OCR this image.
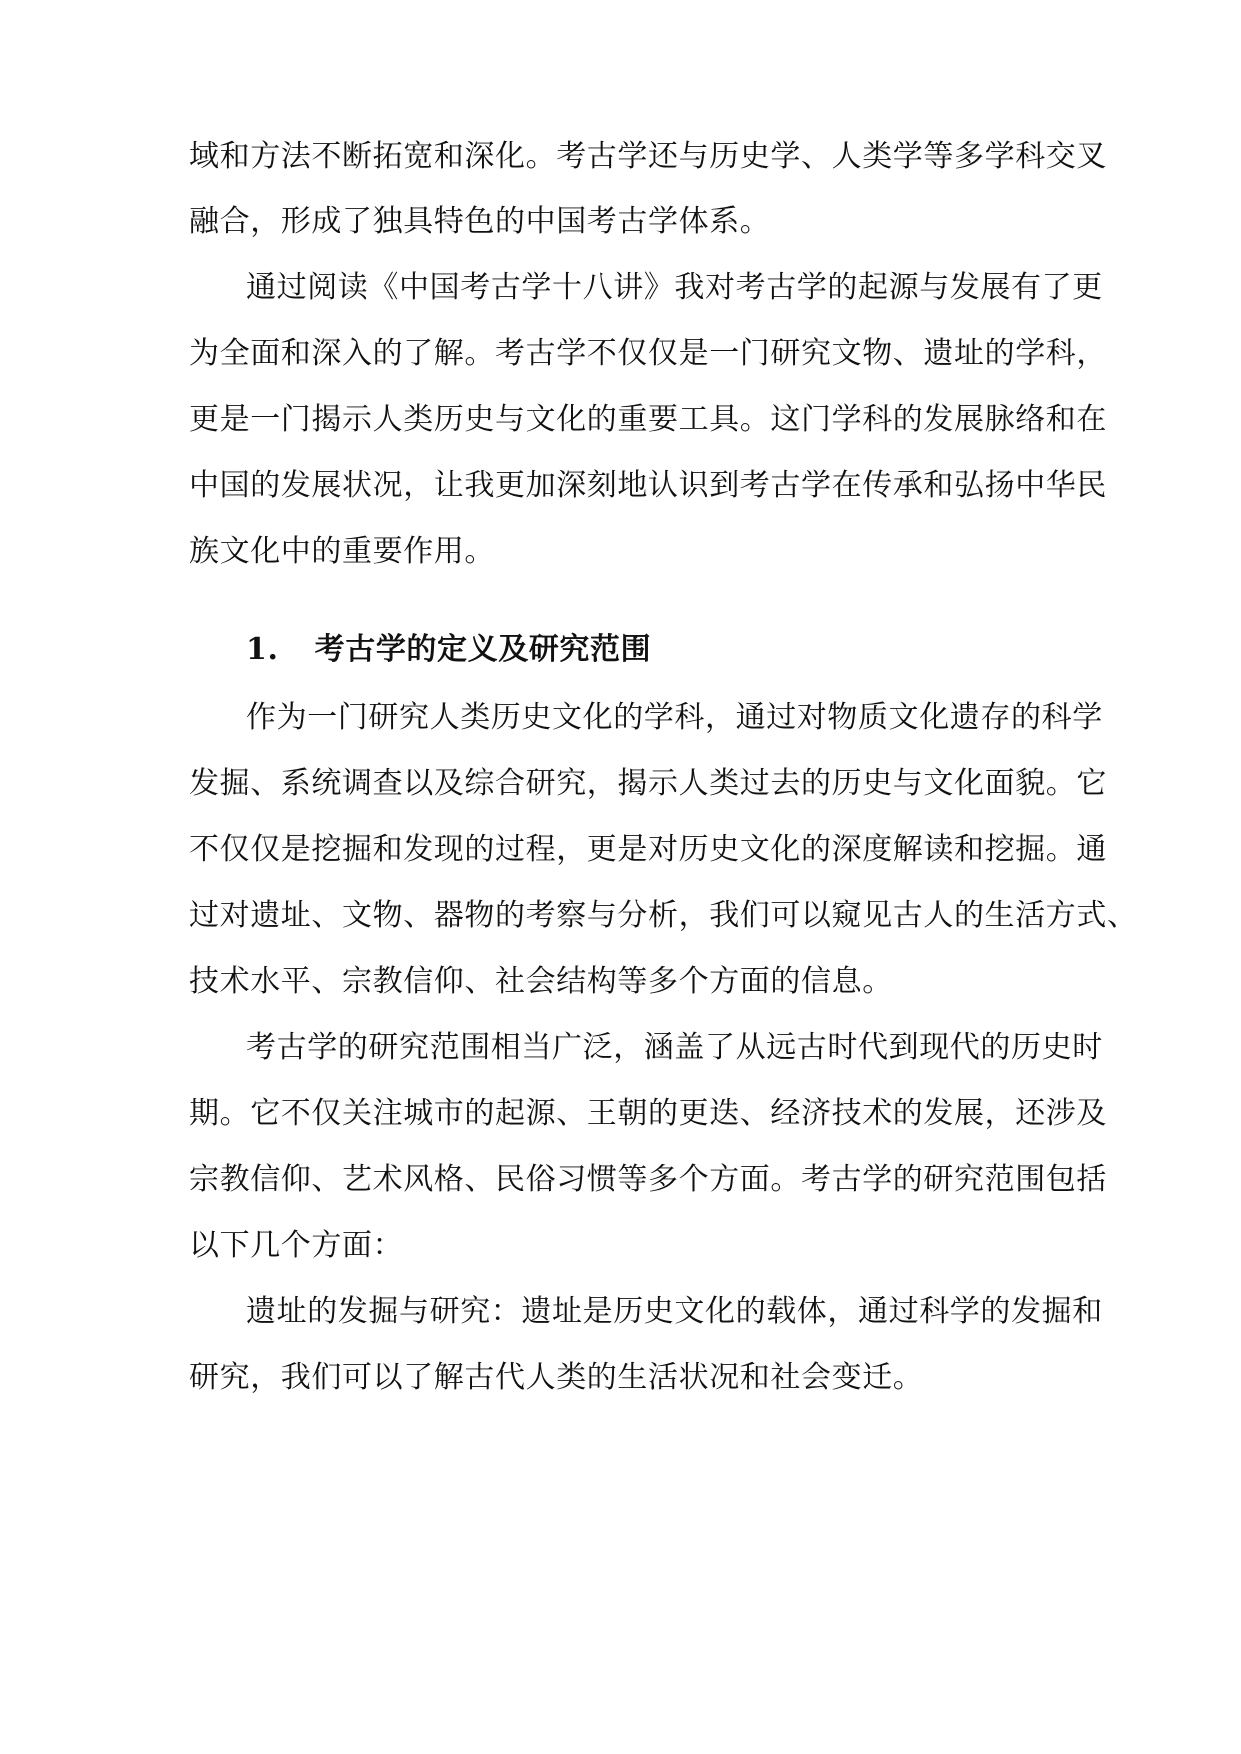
域和方法不断拓宽和深化。考古学还与历史学、人类学等多学科交叉
融合，形成了独具特色的中国考古学体系。
通过阅读《中国考古学十八讲》我对考古学的起源与发展有了更
为全面和深入的了解。考古学不仅仅是一门研究文物、遗址的学科，
更是一门揭示人类历史与文化的重要工具。这门学科的发展脉络和在
中国的发展状况，让我更加深刻地认识到考古学在传承和弘扬中华民
族文化中的重要作用。
1. 考古学的定义及研究范围
作为一门研究人类历史文化的学科，通过对物质文化遗存的科学
发掘、系统调查以及综合研究，揭示人类过去的历史与文化面貌。它
不仅仅是挖掘和发现的过程，更是对历史文化的深度解读和挖掘。通
过对遗址、文物、器物的考察与分析，我们可以窥见古人的生活方式、
技术水平、宗教信仰、社会结构等多个方面的信息。
考古学的研究范围相当广泛，涵盖了从远古时代到现代的历史时
期。它不仅关注城市的起源、王朝的更迭、经济技术的发展，还涉及
宗教信仰、艺术风格、民俗习惯等多个方面。考古学的研究范围包括
以下几个方面：
遗址的发掘与研究：遗址是历史文化的载体，通过科学的发掘和
研究，我们可以了解古代人类的生活状况和社会变迁。
